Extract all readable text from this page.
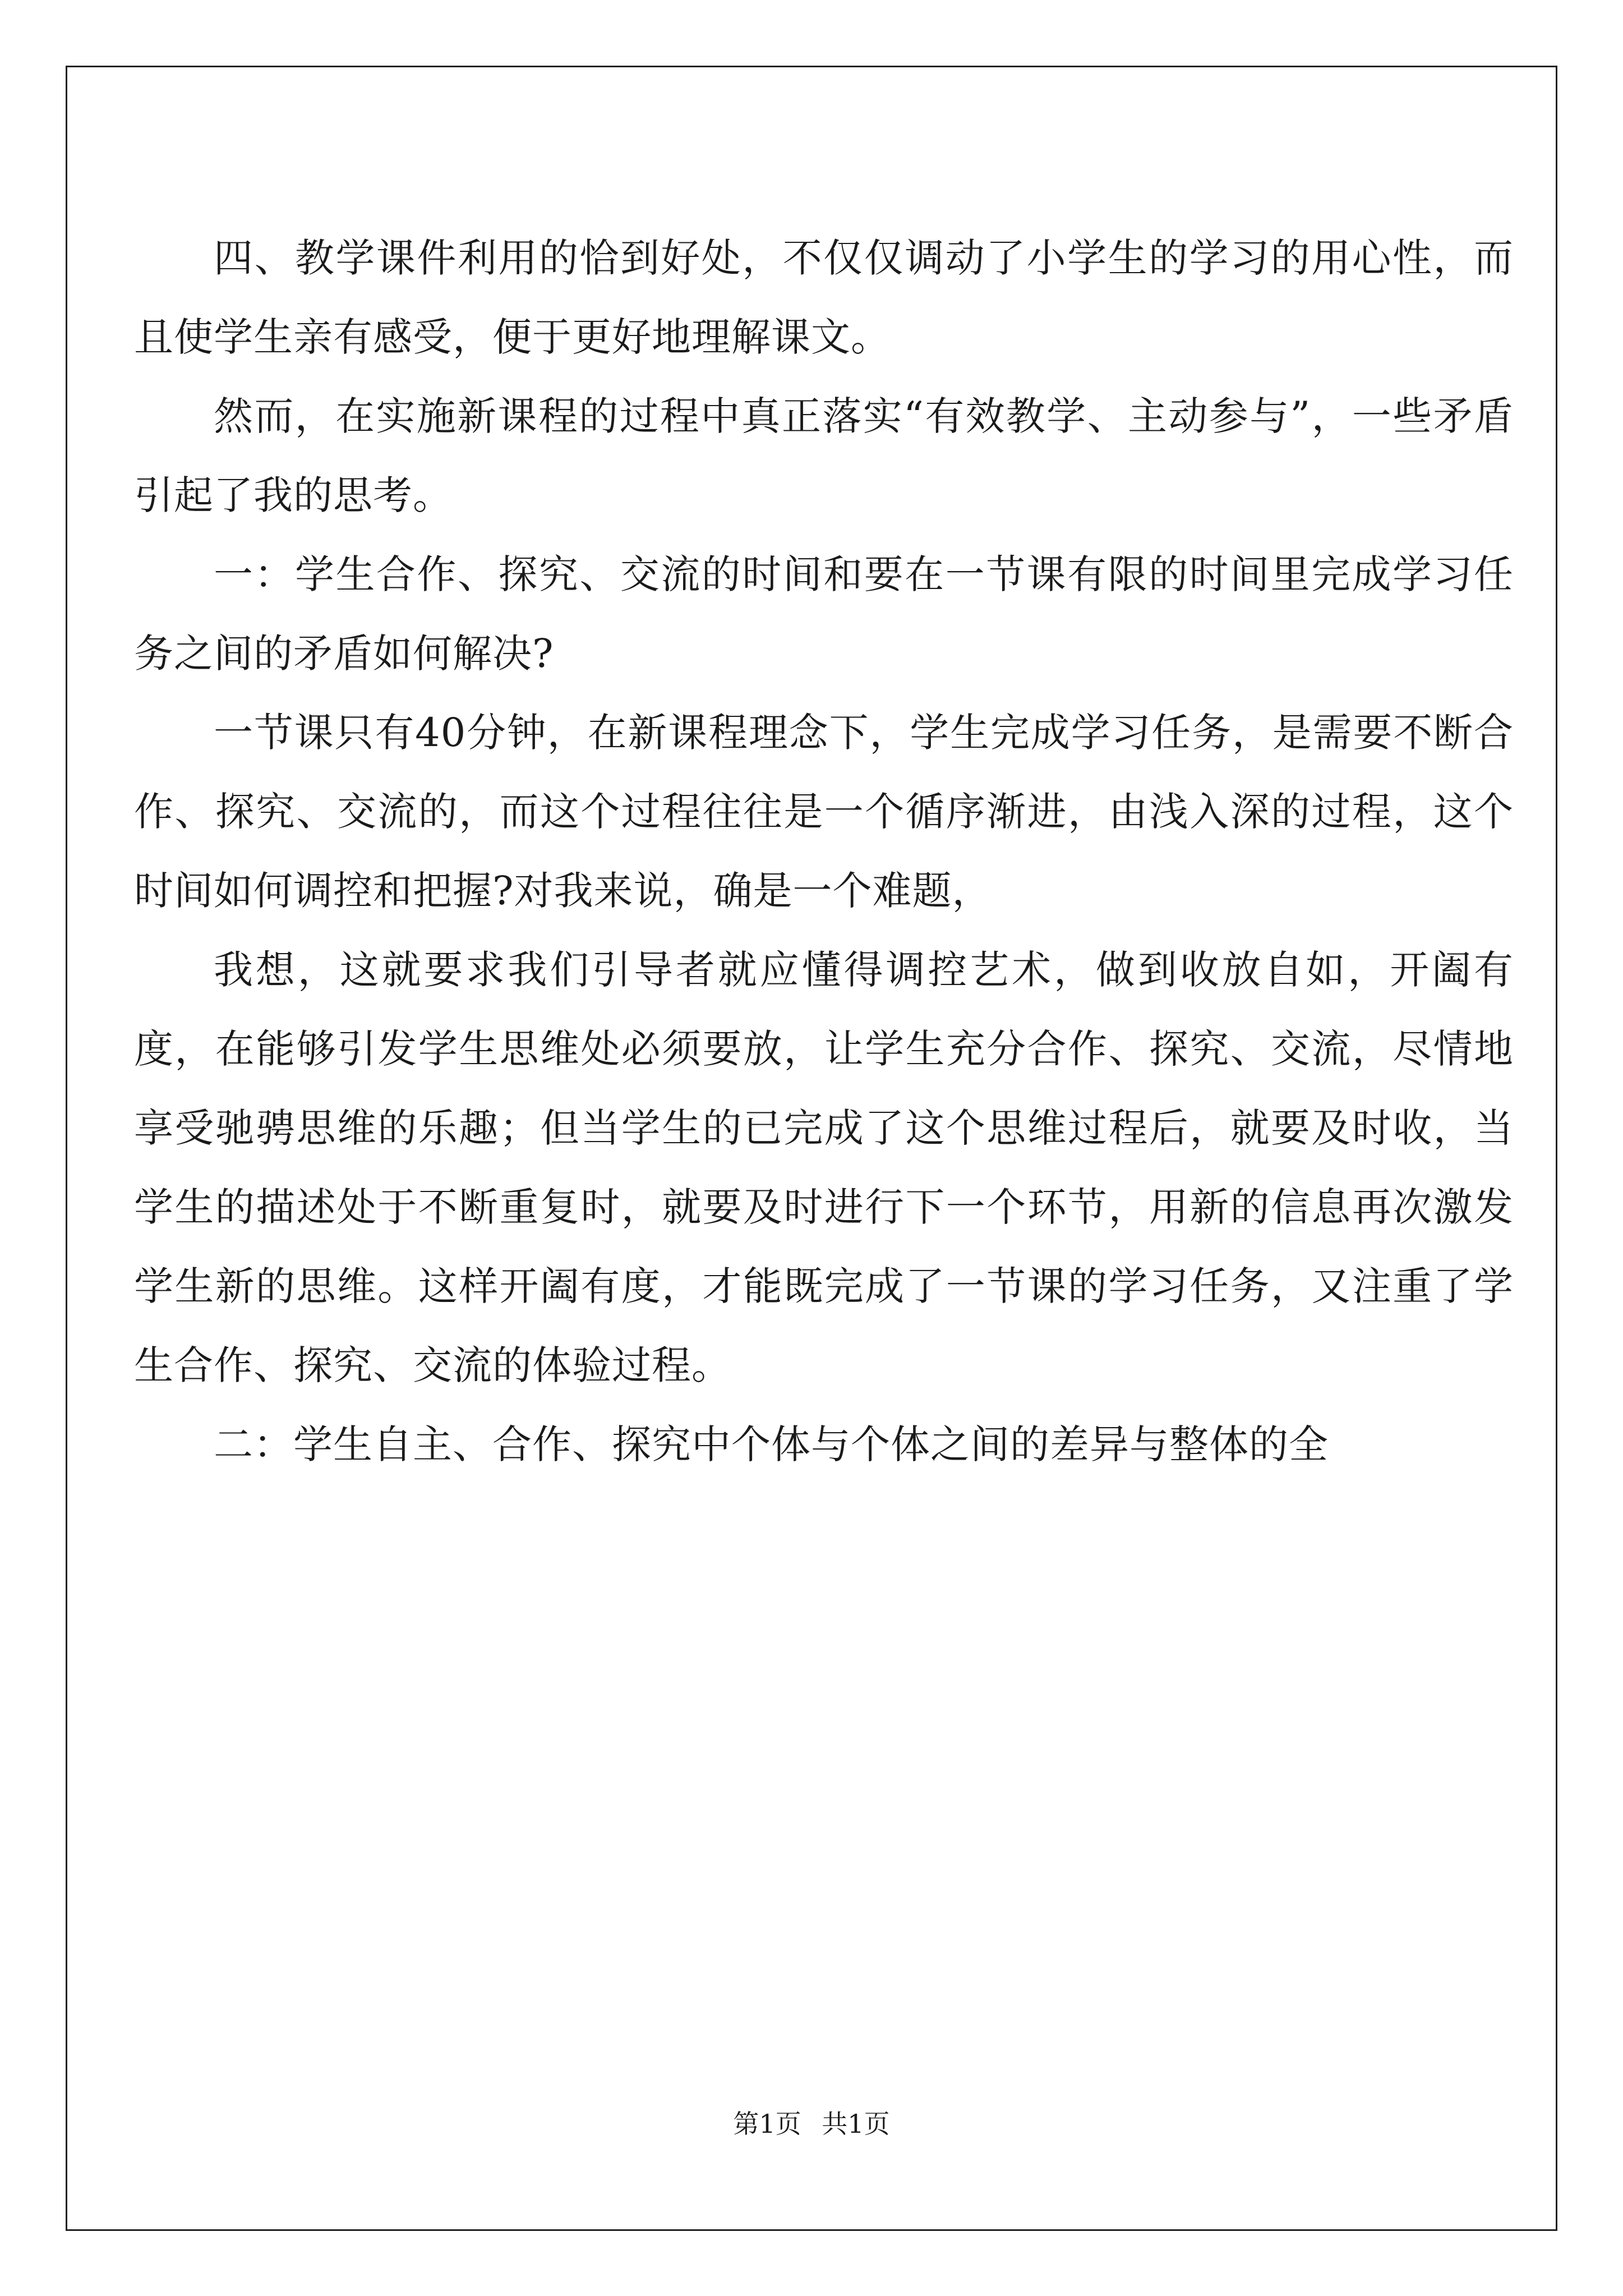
四、教学课件利用的恰到好处，不仅仅调动了小学生的学习的用心性，而且使学生亲有感受，便于更好地理解课文。

然而，在实施新课程的过程中真正落实“有效教学、主动参与”，一些矛盾引起了我的思考。

一：学生合作、探究、交流的时间和要在一节课有限的时间里完成学习任务之间的矛盾如何解决?

一节课只有40分钟，在新课程理念下，学生完成学习任务，是需要不断合作、探究、交流的，而这个过程往往是一个循序渐进，由浅入深的过程，这个时间如何调控和把握?对我来说，确是一个难题，

我想，这就要求我们引导者就应懂得调控艺术，做到收放自如，开阖有度，在能够引发学生思维处必须要放，让学生充分合作、探究、交流，尽情地享受驰骋思维的乐趣；但当学生的已完成了这个思维过程后，就要及时收，当学生的描述处于不断重复时，就要及时进行下一个环节，用新的信息再次激发学生新的思维。这样开阖有度，才能既完成了一节课的学习任务，又注重了学生合作、探究、交流的体验过程。

二：学生自主、合作、探究中个体与个体之间的差异与整体的全

第1页 共1页
